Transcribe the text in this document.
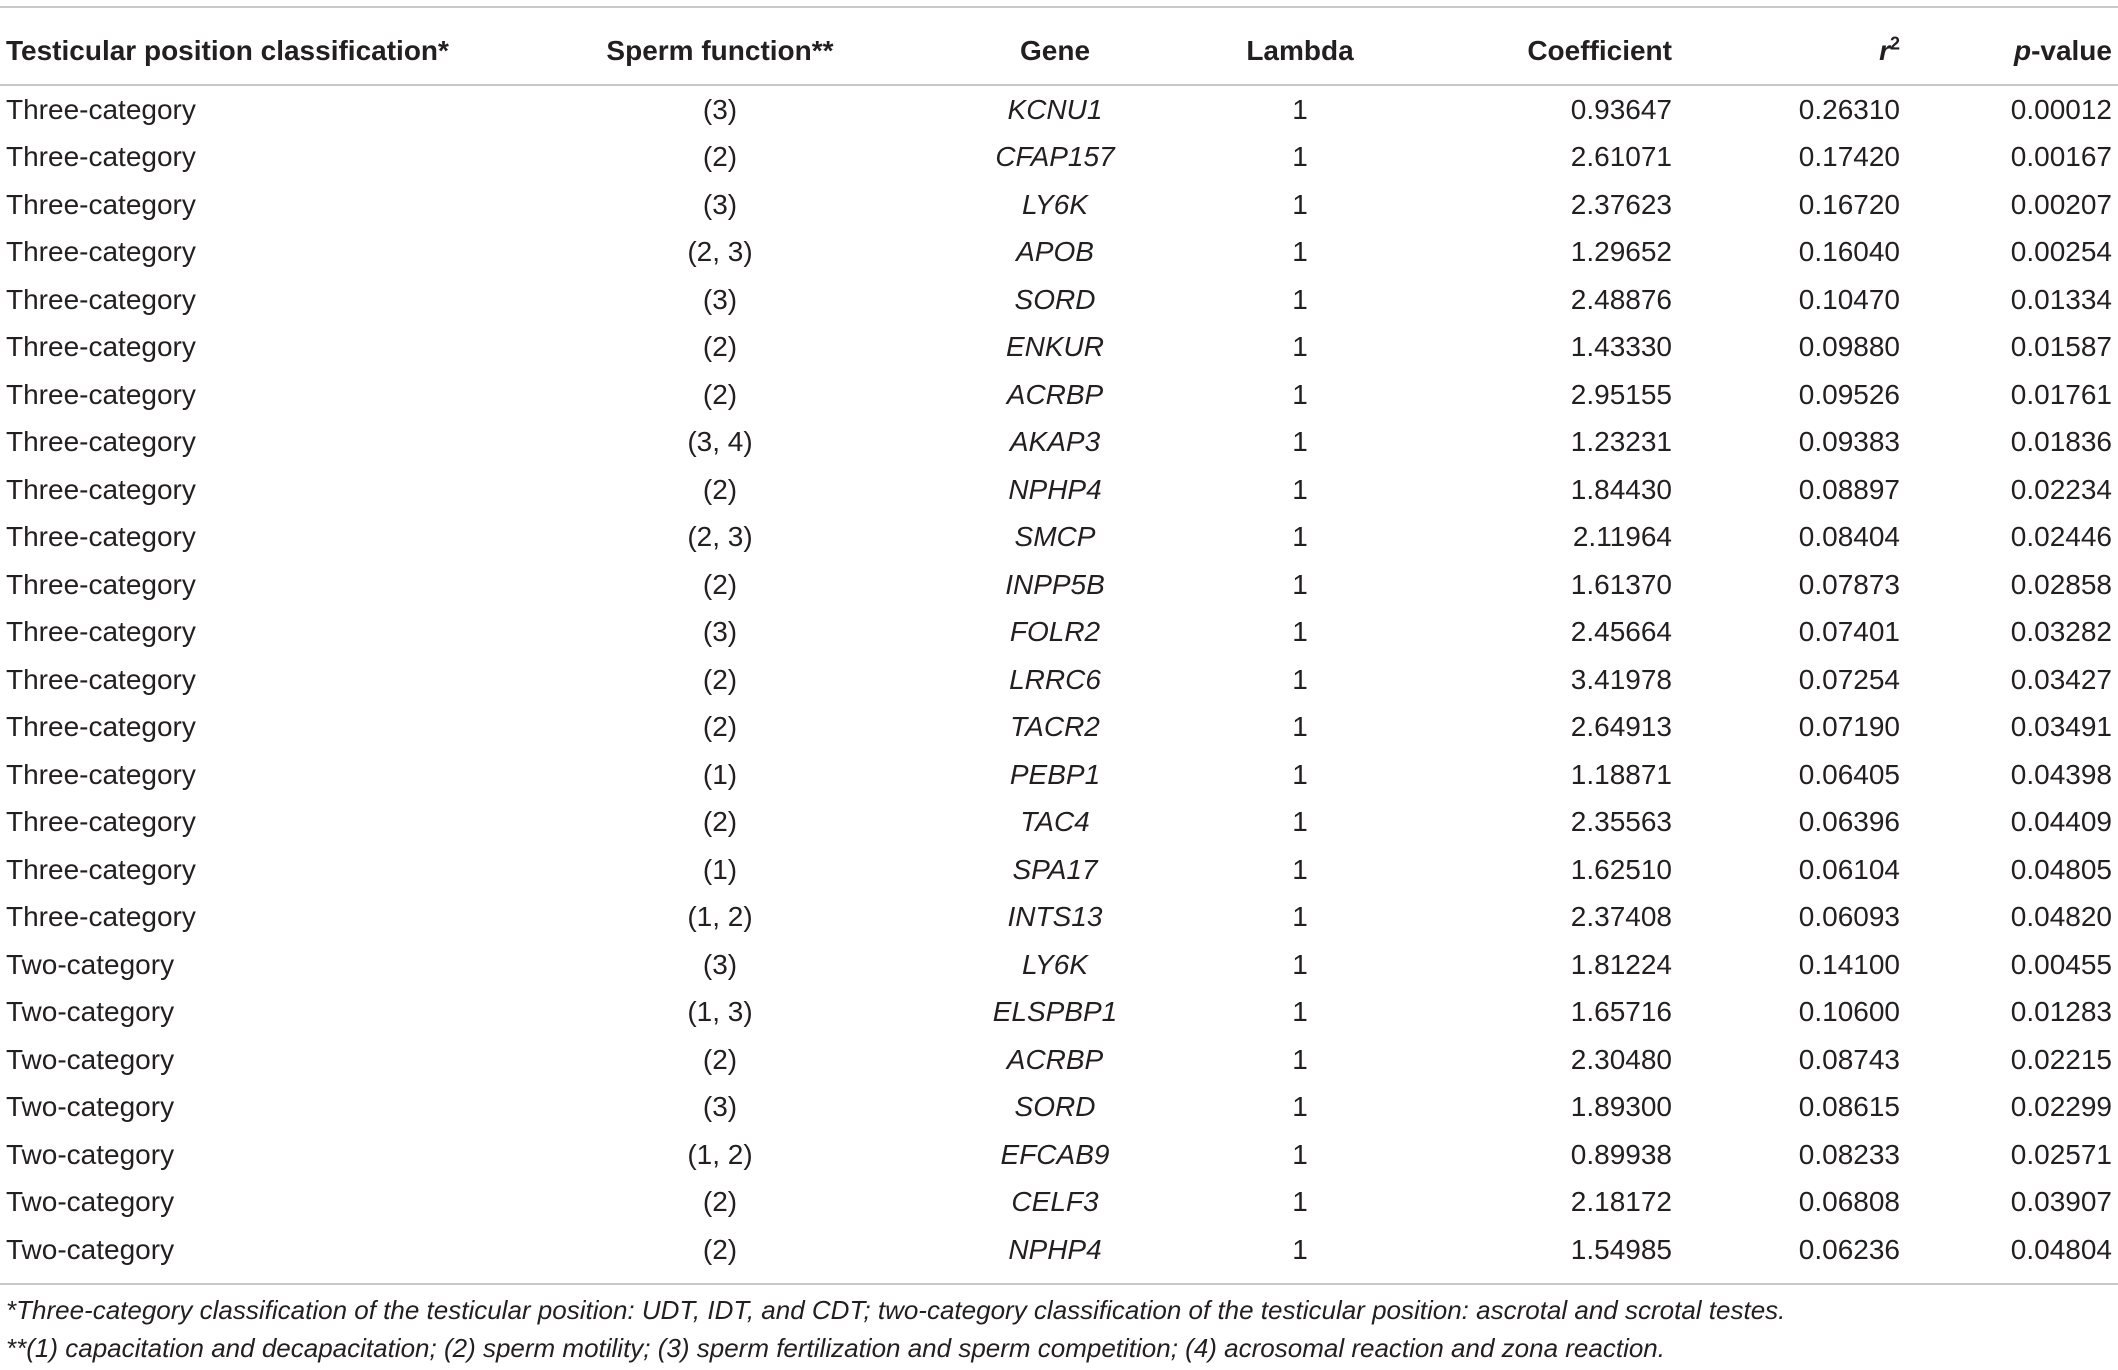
Testicular position classification*	Sperm function**	Gene	Lambda	Coefficient	$r^2$	p-value
Three-category	(3)	KCNU1	1	0.93647	0.26310	0.00012
Three-category	(2)	CFAP157	1	2.61071	0.17420	0.00167
Three-category	(3)	LY6K	1	2.37623	0.16720	0.00207
Three-category	(2, 3)	APOB	1	1.29652	0.16040	0.00254
Three-category	(3)	SORD	1	2.48876	0.10470	0.01334
Three-category	(2)	ENKUR	1	1.43330	0.09880	0.01587
Three-category	(2)	ACRBP	1	2.95155	0.09526	0.01761
Three-category	(3, 4)	AKAP3	1	1.23231	0.09383	0.01836
Three-category	(2)	NPHP4	1	1.84430	0.08897	0.02234
Three-category	(2, 3)	SMCP	1	2.11964	0.08404	0.02446
Three-category	(2)	INPP5B	1	1.61370	0.07873	0.02858
Three-category	(3)	FOLR2	1	2.45664	0.07401	0.03282
Three-category	(2)	LRRC6	1	3.41978	0.07254	0.03427
Three-category	(2)	TACR2	1	2.64913	0.07190	0.03491
Three-category	(1)	PEBP1	1	1.18871	0.06405	0.04398
Three-category	(2)	TAC4	1	2.35563	0.06396	0.04409
Three-category	(1)	SPA17	1	1.62510	0.06104	0.04805
Three-category	(1, 2)	INTS13	1	2.37408	0.06093	0.04820
Two-category	(3)	LY6K	1	1.81224	0.14100	0.00455
Two-category	(1, 3)	ELSPBP1	1	1.65716	0.10600	0.01283
Two-category	(2)	ACRBP	1	2.30480	0.08743	0.02215
Two-category	(3)	SORD	1	1.89300	0.08615	0.02299
Two-category	(1, 2)	EFCAB9	1	0.89938	0.08233	0.02571
Two-category	(2)	CELF3	1	2.18172	0.06808	0.03907
Two-category	(2)	NPHP4	1	1.54985	0.06236	0.04804
*Three-category classification of the testicular position: UDT, IDT, and CDT; two-category classification of the testicular position: ascrotal and scrotal testes.
**(1) capacitation and decapacitation; (2) sperm motility; (3) sperm fertilization and sperm competition; (4) acrosomal reaction and zona reaction.
